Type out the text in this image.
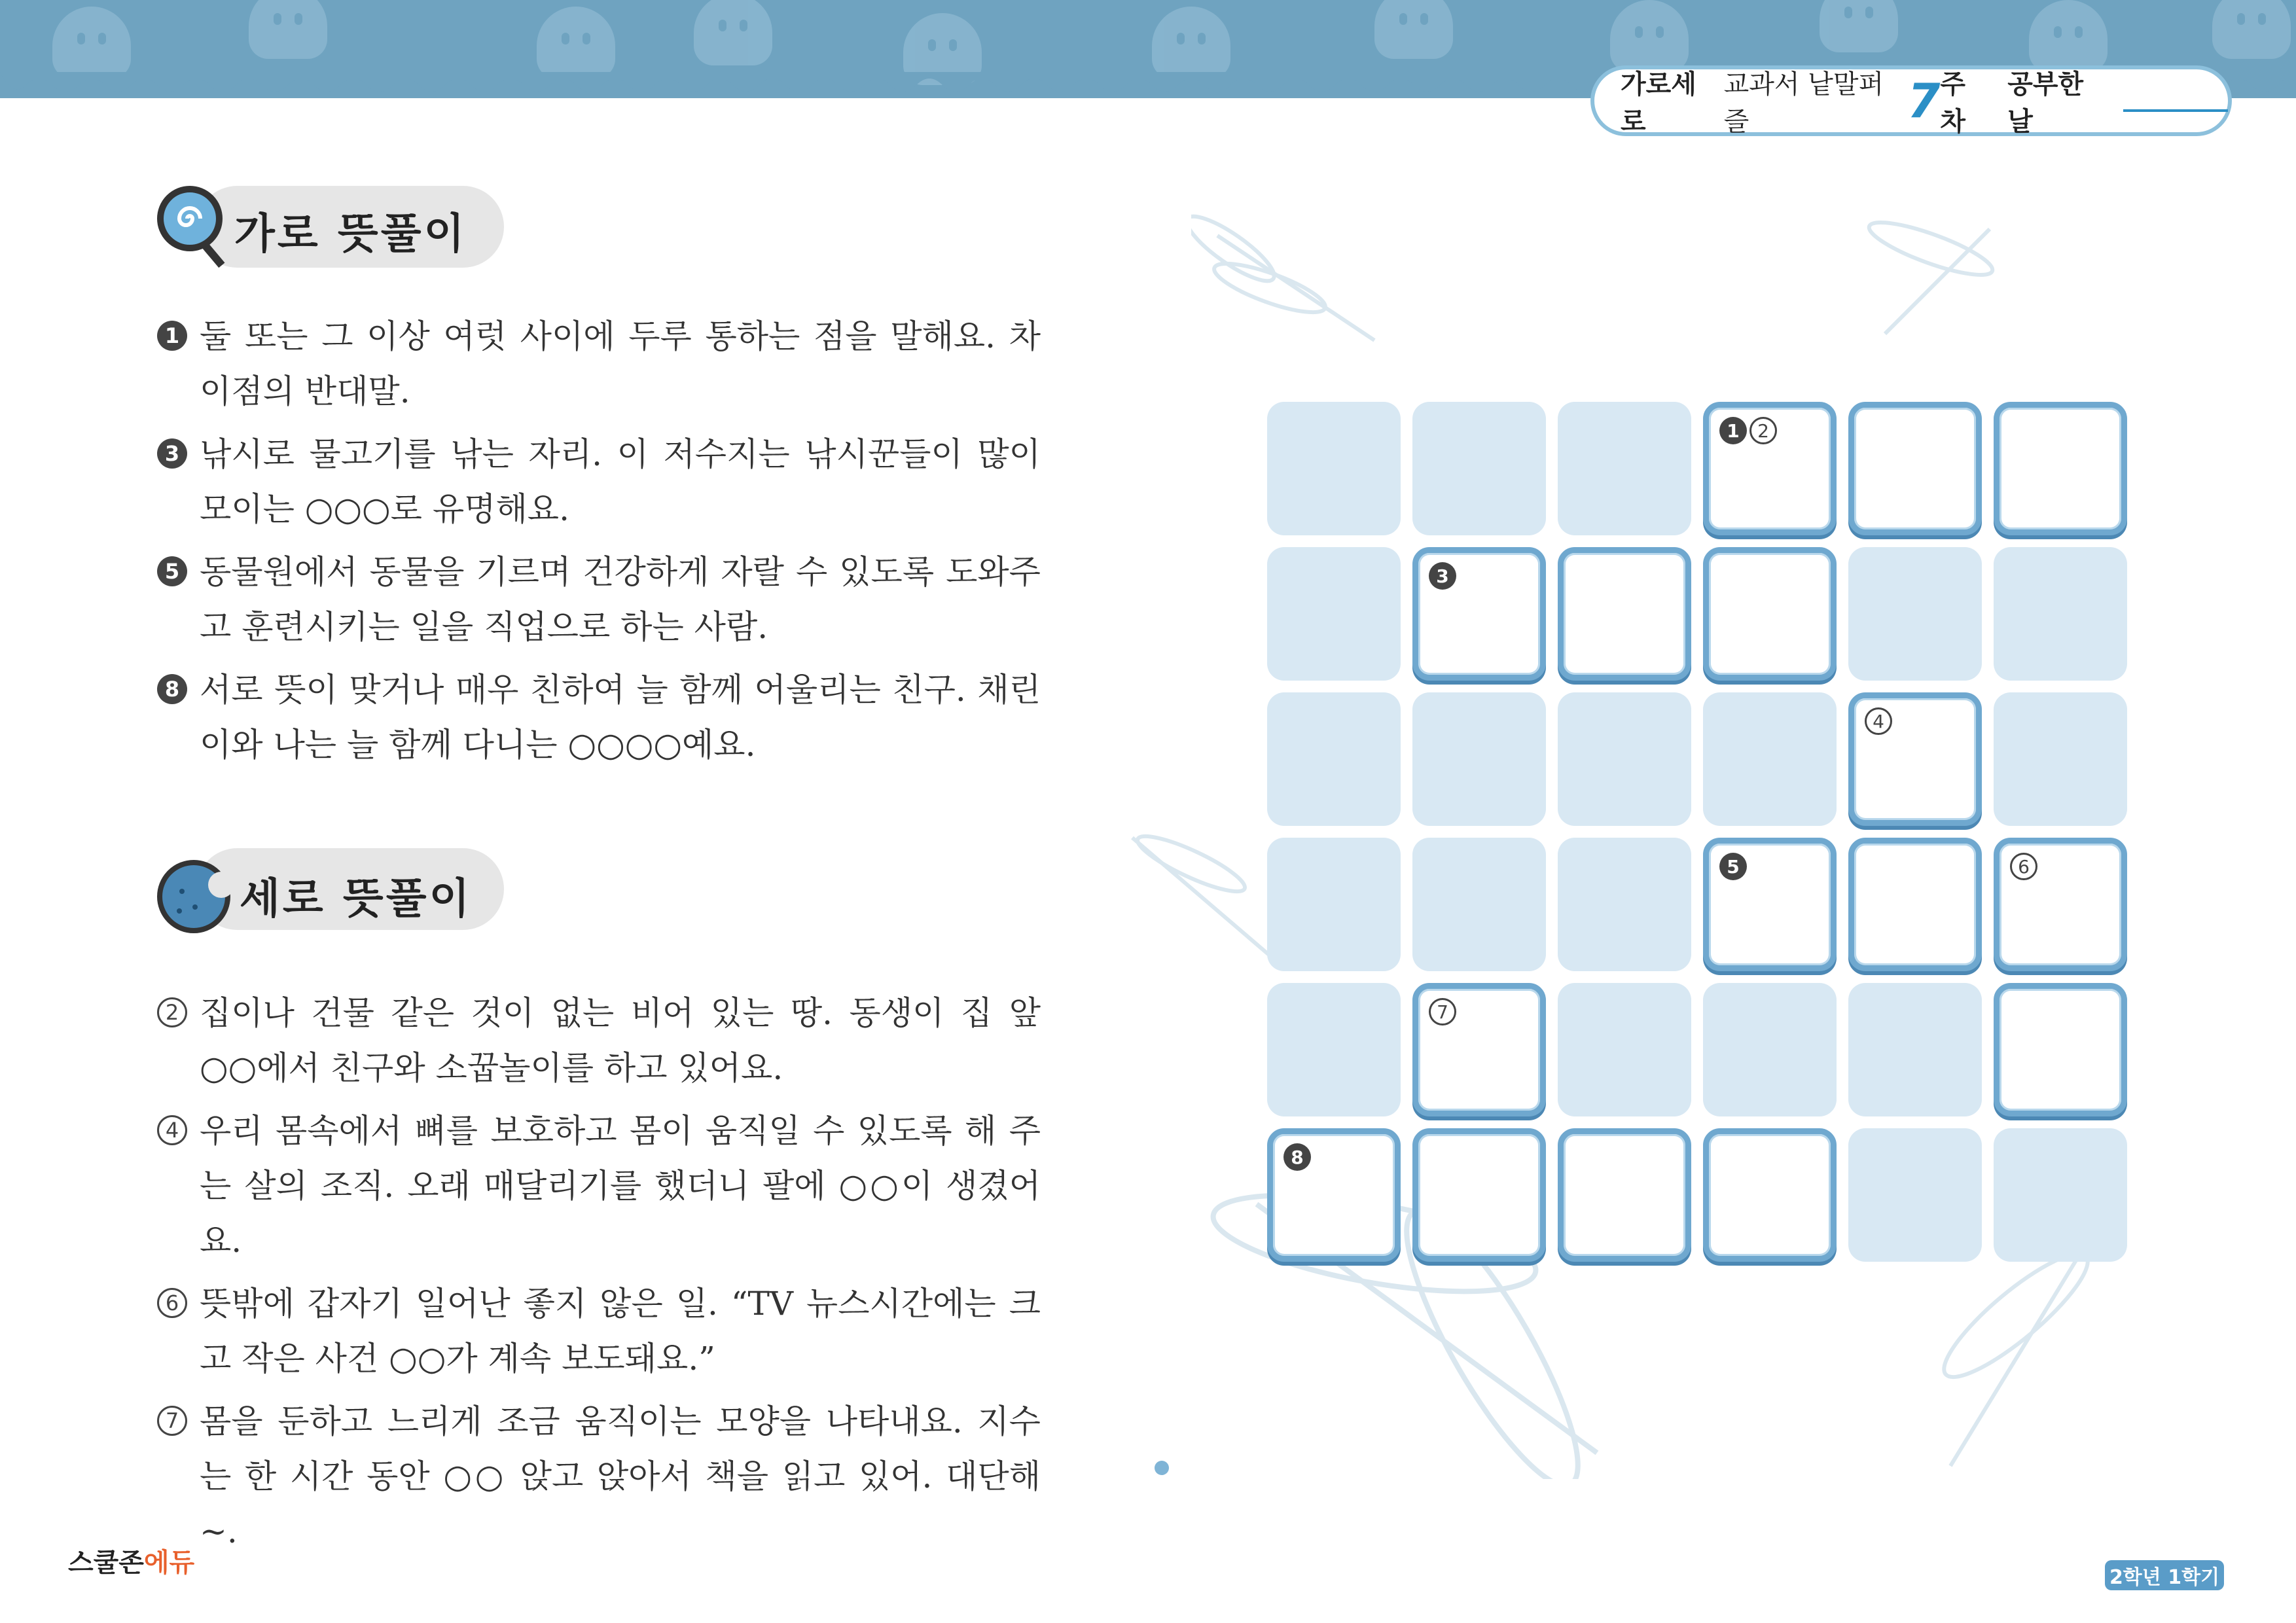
가로세로
교과서 낱말퍼즐	7 주차
공부한 날
가로 뜻풀이
1 둘 또는 그 이상 여럿 사이에 두루 통하는 점을 말해요. 차이점의 반대말.
3 낚시로 물고기를 낚는 자리. 이 저수지는 낚시꾼들이 많이 모이는 ○○○로 유명해요.
5 동물원에서 동물을 기르며 건강하게 자랄 수 있도록 도와주고 훈련시키는 일을 직업으로 하는 사람.
8 서로 뜻이 맞거나 매우 친하여 늘 함께 어울리는 친구. 채린이와 나는 늘 함께 다니는 ○○○○예요.
세로 뜻풀이
2 집이나 건물 같은 것이 없는 비어 있는 땅. 동생이 집 앞 ○○에서 친구와 소꿉놀이를 하고 있어요.
4 우리 몸속에서 뼈를 보호하고 몸이 움직일 수 있도록 해 주는 살의 조직. 오래 매달리기를 했더니 팔에 ○○이 생겼어요.
6 뜻밖에 갑자기 일어난 좋지 않은 일. “TV 뉴스시간에는 크고 작은 사건 ○○가 계속 보도돼요.”
7 몸을 둔하고 느리게 조금 움직이는 모양을 나타내요. 지수는 한 시간 동안 ○○ 앉고 앉아서 책을 읽고 있어. 대단해~.
1 2
3
4
5	6
7
8
스쿨존에듀	2학년 1학기
